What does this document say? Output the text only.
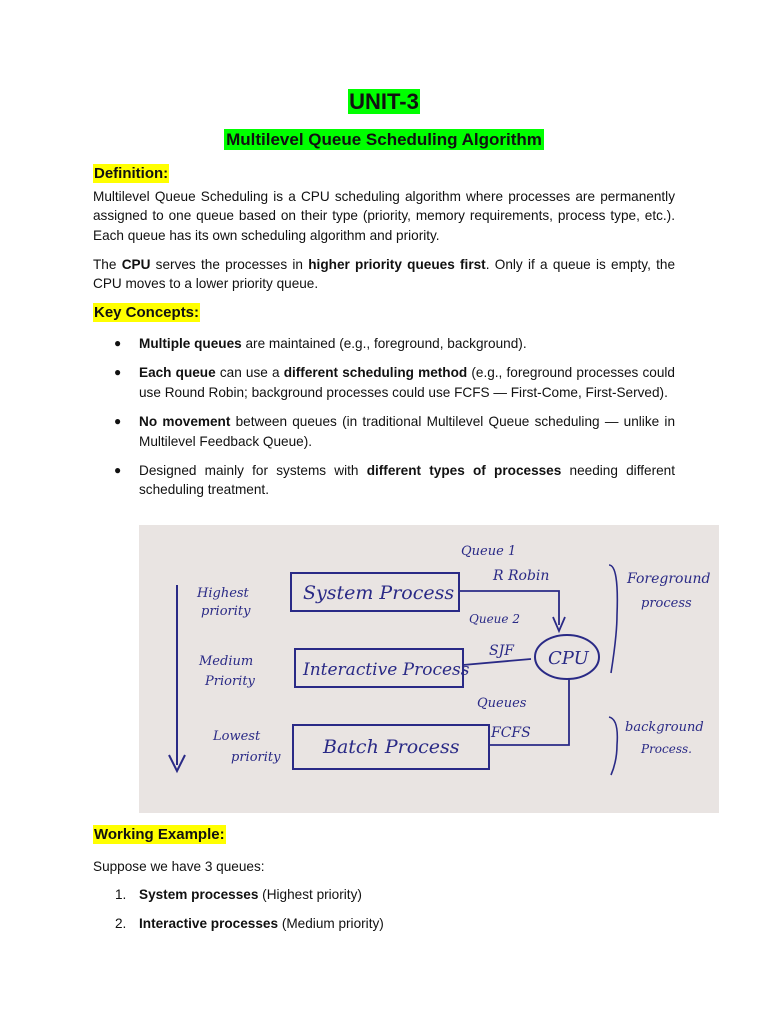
UNIT-3
Multilevel Queue Scheduling Algorithm
Definition:
Multilevel Queue Scheduling is a CPU scheduling algorithm where processes are permanently assigned to one queue based on their type (priority, memory requirements, process type, etc.). Each queue has its own scheduling algorithm and priority.
The CPU serves the processes in higher priority queues first. Only if a queue is empty, the CPU moves to a lower priority queue.
Key Concepts:
● Multiple queues are maintained (e.g., foreground, background).
● Each queue can use a different scheduling method (e.g., foreground processes could use Round Robin; background processes could use FCFS — First-Come, First-Served).
● No movement between queues (in traditional Multilevel Queue scheduling — unlike in Multilevel Feedback Queue).
● Designed mainly for systems with different types of processes needing different scheduling treatment.
Working Example:
Suppose we have 3 queues:
1. System processes (Highest priority)
2. Interactive processes (Medium priority)
Highest
priority
Medium
Priority
Lowest
priority
System Process
Interactive Process
Batch Process
Queue 1
R Robin
Queue 2
SJF
Queues
FCFS
CPU
Foreground
process
background
Process.
